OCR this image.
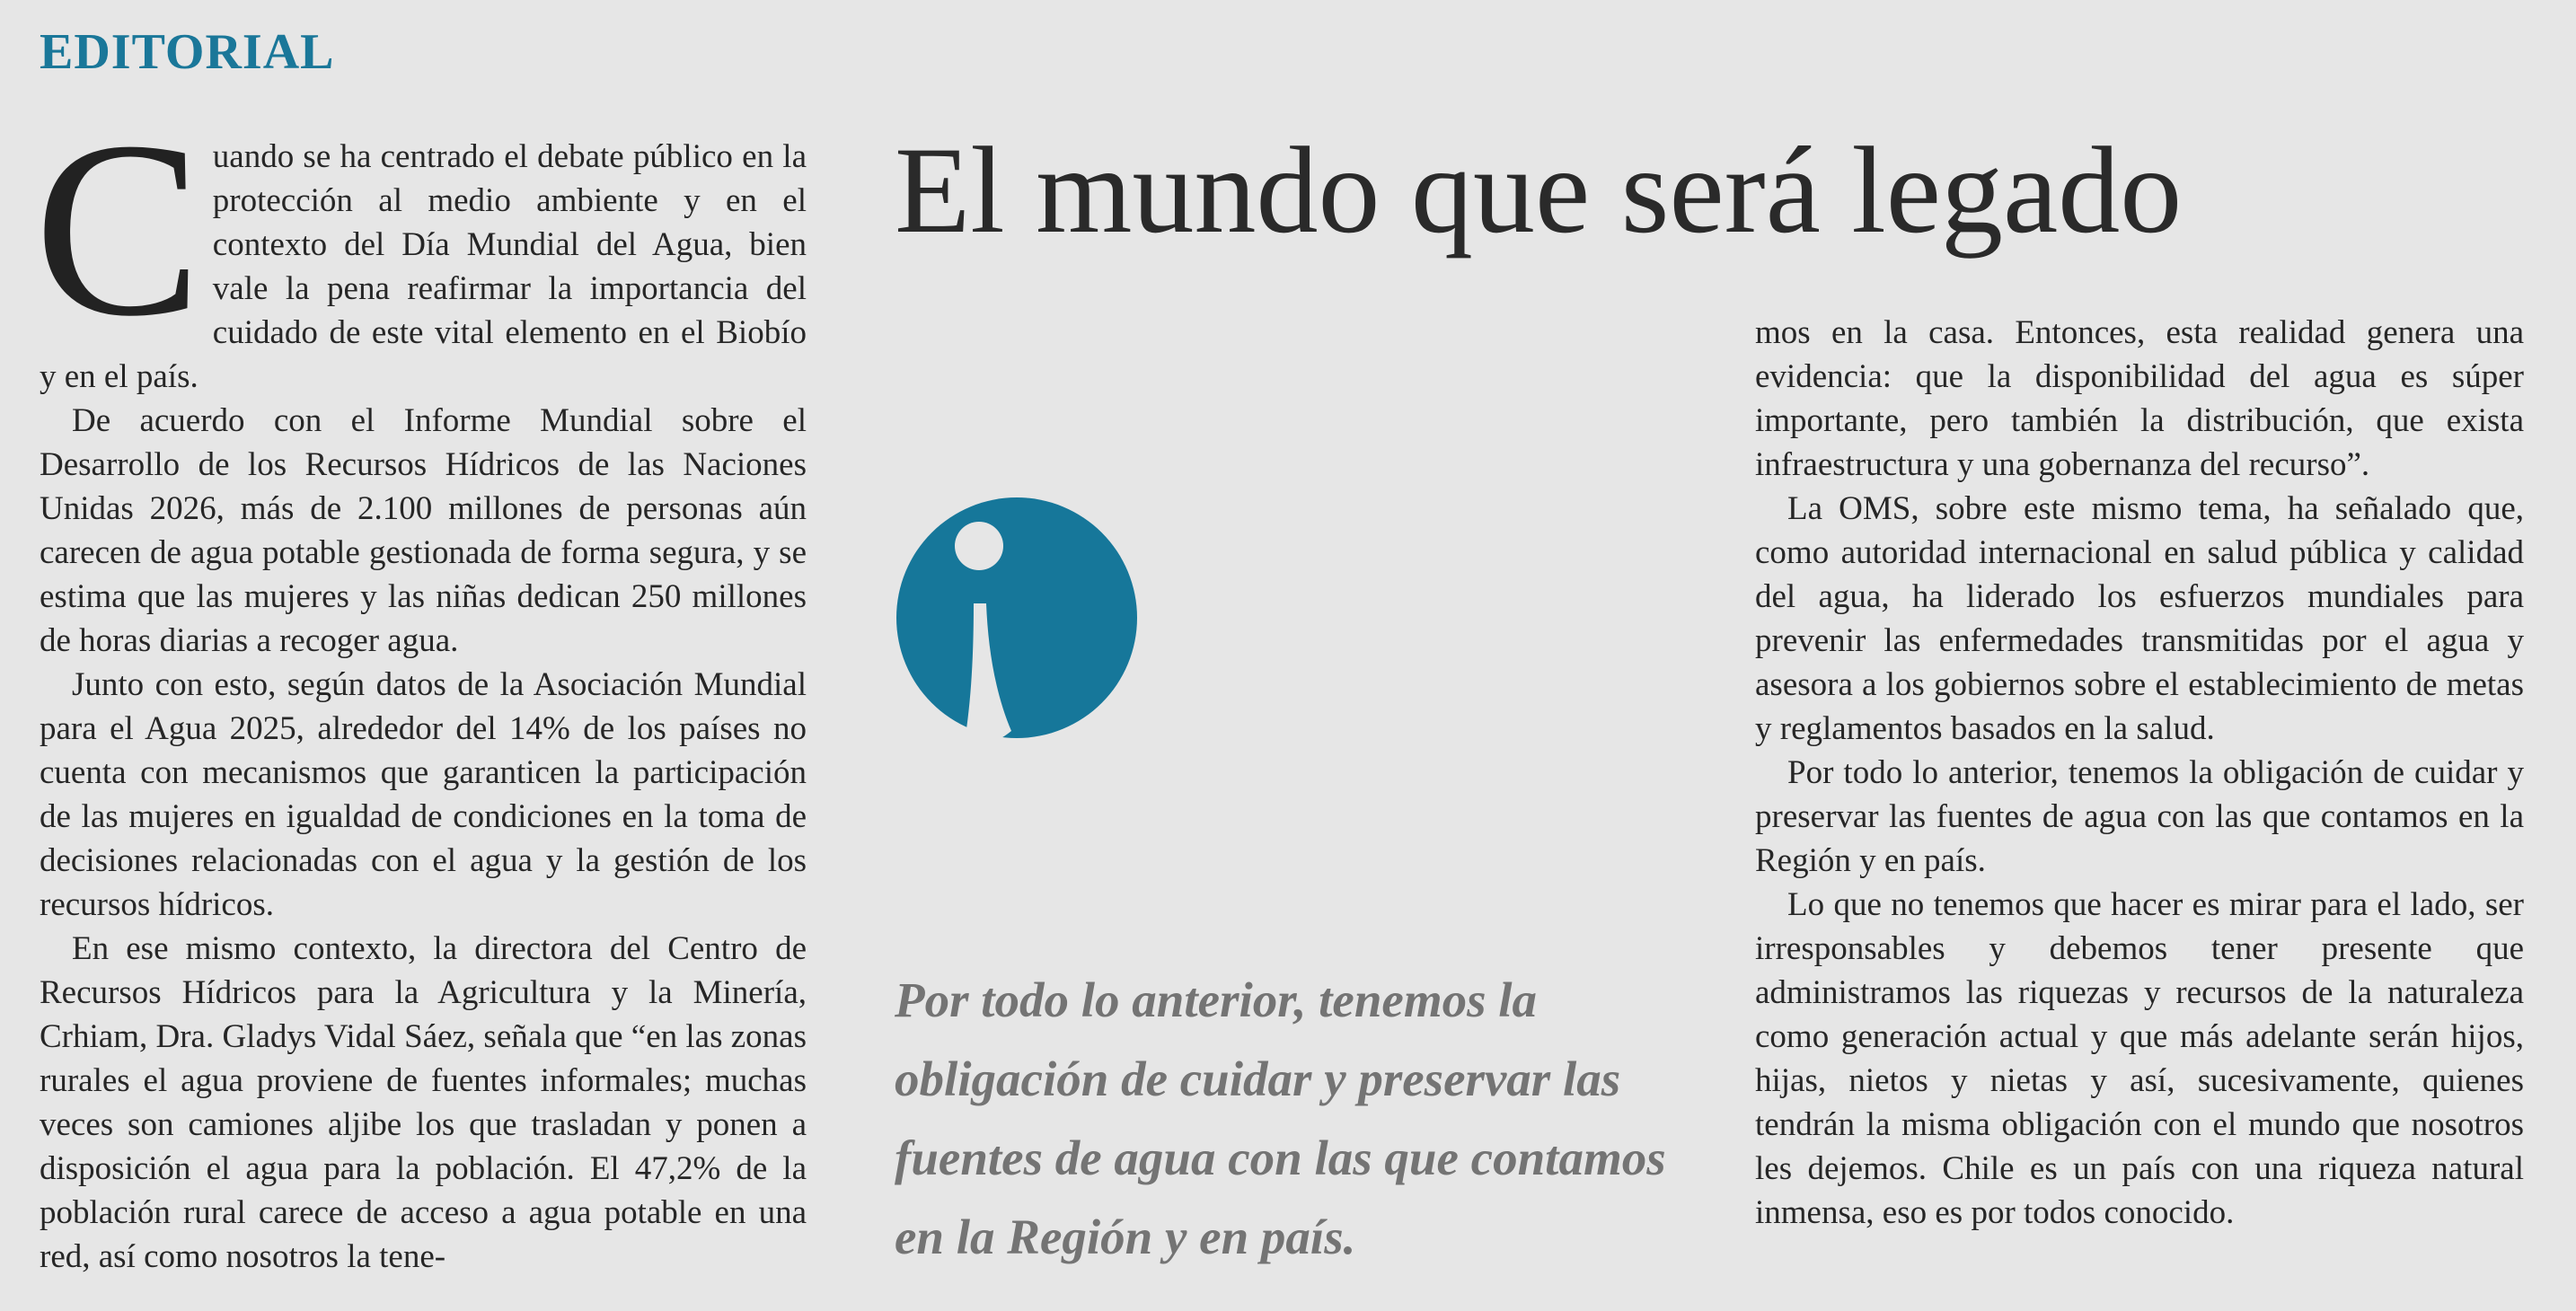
EDITORIAL

Cuando se ha centrado el debate público en la protección al medio ambiente y en el contexto del Día Mundial del Agua, bien vale la pena reafirmar la importancia del cuidado de este vital elemento en el Biobío y en el país.

De acuerdo con el Informe Mundial sobre el Desarrollo de los Recursos Hídricos de las Naciones Unidas 2026, más de 2.100 millones de personas aún carecen de agua potable gestionada de forma segura, y se estima que las mujeres y las niñas dedican 250 millones de horas diarias a recoger agua.

Junto con esto, según datos de la Asociación Mundial para el Agua 2025, alrededor del 14% de los países no cuenta con mecanismos que garanticen la participación de las mujeres en igualdad de condiciones en la toma de decisiones relacionadas con el agua y la gestión de los recursos hídricos.

En ese mismo contexto, la directora del Centro de Recursos Hídricos para la Agricultura y la Minería, Crhiam, Dra. Gladys Vidal Sáez, señala que “en las zonas rurales el agua proviene de fuentes informales; muchas veces son camiones aljibe los que trasladan y ponen a disposición el agua para la población. El 47,2% de la población rural carece de acceso a agua potable en una red, así como nosotros la tene-

El mundo que será legado

Por todo lo anterior, tenemos la obligación de cuidar y preservar las fuentes de agua con las que contamos en la Región y en país.

mos en la casa. Entonces, esta realidad genera una evidencia: que la disponibilidad del agua es súper importante, pero también la distribución, que exista infraestructura y una gobernanza del recurso”.

La OMS, sobre este mismo tema, ha señalado que, como autoridad internacional en salud pública y calidad del agua, ha liderado los esfuerzos mundiales para prevenir las enfermedades transmitidas por el agua y asesora a los gobiernos sobre el establecimiento de metas y reglamentos basados en la salud.

Por todo lo anterior, tenemos la obligación de cuidar y preservar las fuentes de agua con las que contamos en la Región y en país.

Lo que no tenemos que hacer es mirar para el lado, ser irresponsables y debemos tener presente que administramos las riquezas y recursos de la naturaleza como generación actual y que más adelante serán hijos, hijas, nietos y nietas y así, sucesivamente, quienes tendrán la misma obligación con el mundo que nosotros les dejemos. Chile es un país con una riqueza natural inmensa, eso es por todos conocido.
